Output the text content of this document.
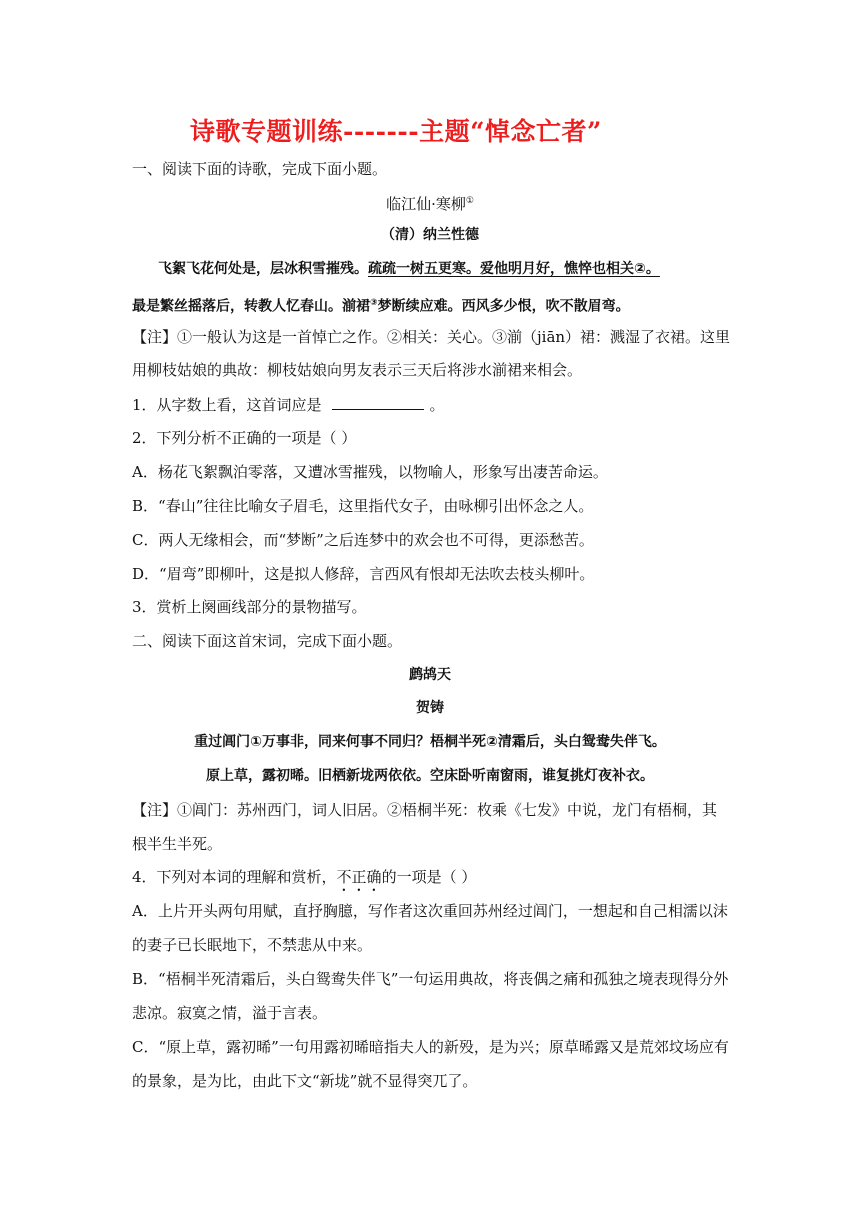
诗歌专题训练-------主题“悼念亡者”
一、阅读下面的诗歌，完成下面小题。
临江仙·寒柳①
（清）纳兰性德
飞絮飞花何处是，层冰积雪摧残。疏疏一树五更寒。爱他明月好，憔悴也相关②。
最是繁丝摇落后，转教人忆春山。湔裙③梦断续应难。西风多少恨，吹不散眉弯。
【注】①一般认为这是一首悼亡之作。②相关：关心。③湔（jiān）裙：溅湿了衣裙。这里
用柳枝姑娘的典故：柳枝姑娘向男友表示三天后将涉水湔裙来相会。
1．从字数上看，这首词应是	。
2．下列分析不正确的一项是（ ）
A．杨花飞絮飘泊零落，又遭冰雪摧残，以物喻人，形象写出凄苦命运。
B．“春山”往往比喻女子眉毛，这里指代女子，由咏柳引出怀念之人。
C．两人无缘相会，而“梦断”之后连梦中的欢会也不可得，更添愁苦。
D．“眉弯”即柳叶，这是拟人修辞，言西风有恨却无法吹去枝头柳叶。
3．赏析上阕画线部分的景物描写。
二、阅读下面这首宋词，完成下面小题。
鹧鸪天
贺铸
重过阊门①万事非，同来何事不同归？梧桐半死②清霜后，头白鸳鸯失伴飞。
原上草，露初晞。旧栖新垅两依依。空床卧听南窗雨，谁复挑灯夜补衣。
【注】①阊门：苏州西门，词人旧居。②梧桐半死：枚乘《七发》中说，龙门有梧桐，其
根半生半死。
4．下列对本词的理解和赏析，不正确的一项是（ ）
A．上片开头两句用赋，直抒胸臆，写作者这次重回苏州经过阊门，一想起和自己相濡以沫
的妻子已长眠地下，不禁悲从中来。
B．“梧桐半死清霜后，头白鸳鸯失伴飞”一句运用典故，将丧偶之痛和孤独之境表现得分外
悲凉。寂寞之情，溢于言表。
C．“原上草，露初晞”一句用露初晞暗指夫人的新殁，是为兴；原草晞露又是荒郊坟场应有
的景象，是为比，由此下文“新垅”就不显得突兀了。
